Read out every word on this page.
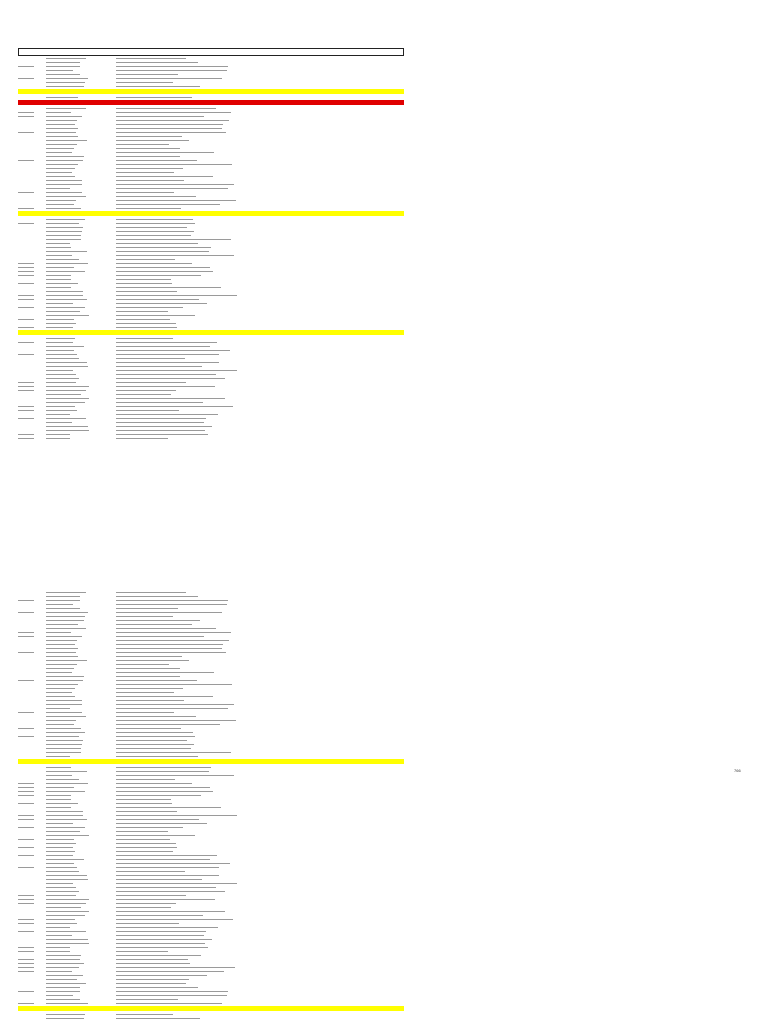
766
